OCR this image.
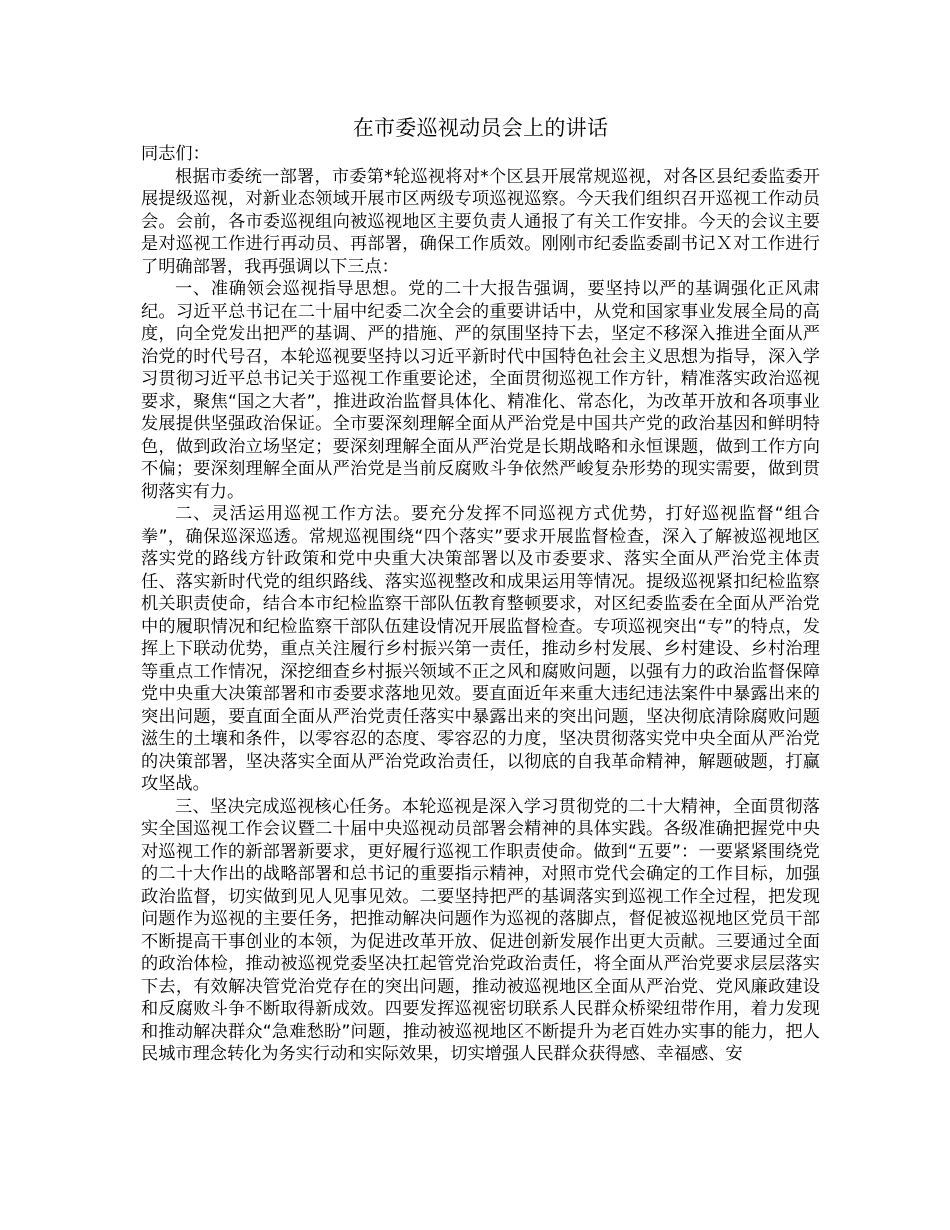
在市委巡视动员会上的讲话

同志们：

根据市委统一部署，市委第*轮巡视将对*个区县开展常规巡视，对各区县纪委监委开展提级巡视，对新业态领域开展市区两级专项巡视巡察。今天我们组织召开巡视工作动员会。会前，各市委巡视组向被巡视地区主要负责人通报了有关工作安排。今天的会议主要是对巡视工作进行再动员、再部署，确保工作质效。刚刚市纪委监委副书记Ｘ对工作进行了明确部署，我再强调以下三点：

一、准确领会巡视指导思想。党的二十大报告强调，要坚持以严的基调强化正风肃纪。习近平总书记在二十届中纪委二次全会的重要讲话中，从党和国家事业发展全局的高度，向全党发出把严的基调、严的措施、严的氛围坚持下去，坚定不移深入推进全面从严治党的时代号召，本轮巡视要坚持以习近平新时代中国特色社会主义思想为指导，深入学习贯彻习近平总书记关于巡视工作重要论述，全面贯彻巡视工作方针，精准落实政治巡视要求，聚焦“国之大者”，推进政治监督具体化、精准化、常态化，为改革开放和各项事业发展提供坚强政治保证。全市要深刻理解全面从严治党是中国共产党的政治基因和鲜明特色，做到政治立场坚定；要深刻理解全面从严治党是长期战略和永恒课题，做到工作方向不偏；要深刻理解全面从严治党是当前反腐败斗争依然严峻复杂形势的现实需要，做到贯彻落实有力。

二、灵活运用巡视工作方法。要充分发挥不同巡视方式优势，打好巡视监督“组合拳”，确保巡深巡透。常规巡视围绕“四个落实”要求开展监督检查，深入了解被巡视地区落实党的路线方针政策和党中央重大决策部署以及市委要求、落实全面从严治党主体责任、落实新时代党的组织路线、落实巡视整改和成果运用等情况。提级巡视紧扣纪检监察机关职责使命，结合本市纪检监察干部队伍教育整顿要求，对区纪委监委在全面从严治党中的履职情况和纪检监察干部队伍建设情况开展监督检查。专项巡视突出“专”的特点，发挥上下联动优势，重点关注履行乡村振兴第一责任，推动乡村发展、乡村建设、乡村治理等重点工作情况，深挖细查乡村振兴领域不正之风和腐败问题，以强有力的政治监督保障党中央重大决策部署和市委要求落地见效。要直面近年来重大违纪违法案件中暴露出来的突出问题，要直面全面从严治党责任落实中暴露出来的突出问题，坚决彻底清除腐败问题滋生的土壤和条件，以零容忍的态度、零容忍的力度，坚决贯彻落实党中央全面从严治党的决策部署，坚决落实全面从严治党政治责任，以彻底的自我革命精神，解题破题，打赢攻坚战。

三、坚决完成巡视核心任务。本轮巡视是深入学习贯彻党的二十大精神，全面贯彻落实全国巡视工作会议暨二十届中央巡视动员部署会精神的具体实践。各级准确把握党中央对巡视工作的新部署新要求，更好履行巡视工作职责使命。做到“五要”：一要紧紧围绕党的二十大作出的战略部署和总书记的重要指示精神，对照市党代会确定的工作目标，加强政治监督，切实做到见人见事见效。二要坚持把严的基调落实到巡视工作全过程，把发现问题作为巡视的主要任务，把推动解决问题作为巡视的落脚点，督促被巡视地区党员干部不断提高干事创业的本领，为促进改革开放、促进创新发展作出更大贡献。三要通过全面的政治体检，推动被巡视党委坚决扛起管党治党政治责任，将全面从严治党要求层层落实下去，有效解决管党治党存在的突出问题，推动被巡视地区全面从严治党、党风廉政建设和反腐败斗争不断取得新成效。四要发挥巡视密切联系人民群众桥梁纽带作用，着力发现和推动解决群众“急难愁盼”问题，推动被巡视地区不断提升为老百姓办实事的能力，把人民城市理念转化为务实行动和实际效果，切实增强人民群众获得感、幸福感、安
